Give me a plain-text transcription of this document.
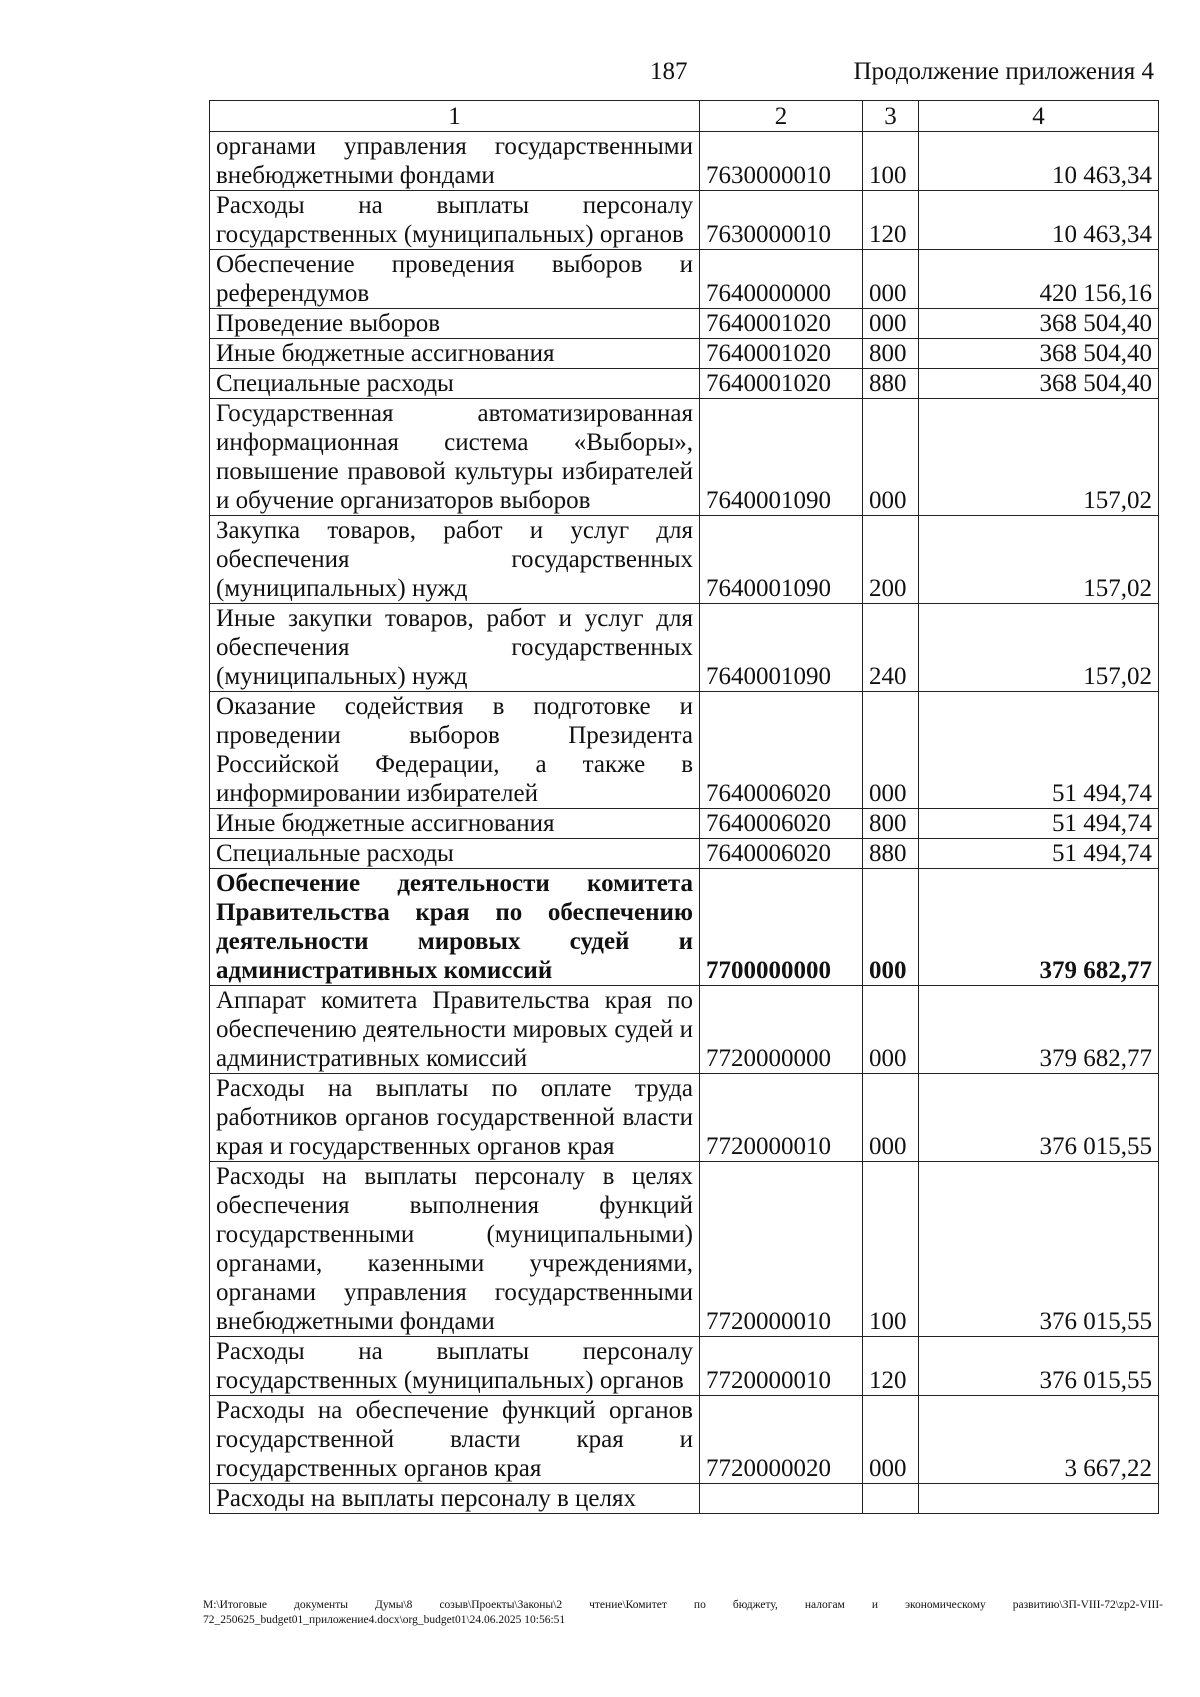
187	Продолжение приложения 4
1	2	3	4
органами управления государственными внебюджетными фондами	7630000010	100	10 463,34
Расходы на выплаты персоналу государственных (муниципальных) органов	7630000010	120	10 463,34
Обеспечение проведения выборов и референдумов	7640000000	000	420 156,16
Проведение выборов	7640001020	000	368 504,40
Иные бюджетные ассигнования	7640001020	800	368 504,40
Специальные расходы	7640001020	880	368 504,40
Государственная автоматизированная информационная система «Выборы», повышение правовой культуры избирателей и обучение организаторов выборов	7640001090	000	157,02
Закупка товаров, работ и услуг для обеспечения государственных (муниципальных) нужд	7640001090	200	157,02
Иные закупки товаров, работ и услуг для обеспечения государственных (муниципальных) нужд	7640001090	240	157,02
Оказание содействия в подготовке и проведении выборов Президента Российской Федерации, а также в информировании избирателей	7640006020	000	51 494,74
Иные бюджетные ассигнования	7640006020	800	51 494,74
Специальные расходы	7640006020	880	51 494,74
Обеспечение деятельности комитета Правительства края по обеспечению деятельности мировых судей и административных комиссий	7700000000	000	379 682,77
Аппарат комитета Правительства края по обеспечению деятельности мировых судей и административных комиссий	7720000000	000	379 682,77
Расходы на выплаты по оплате труда работников органов государственной власти края и государственных органов края	7720000010	000	376 015,55
Расходы на выплаты персоналу в целях обеспечения выполнения функций государственными (муниципальными) органами, казенными учреждениями, органами управления государственными внебюджетными фондами	7720000010	100	376 015,55
Расходы на выплаты персоналу государственных (муниципальных) органов	7720000010	120	376 015,55
Расходы на обеспечение функций органов государственной власти края и государственных органов края	7720000020	000	3 667,22
Расходы на выплаты персоналу в целях			
М:\Итоговые документы Думы\8 созыв\Проекты\Законы\2 чтение\Комитет по бюджету, налогам и экономическому развитию\ЗП-VIII-72\zp2-VIII-72_250625_budget01_приложение4.docx\org_budget01\24.06.2025 10:56:51
